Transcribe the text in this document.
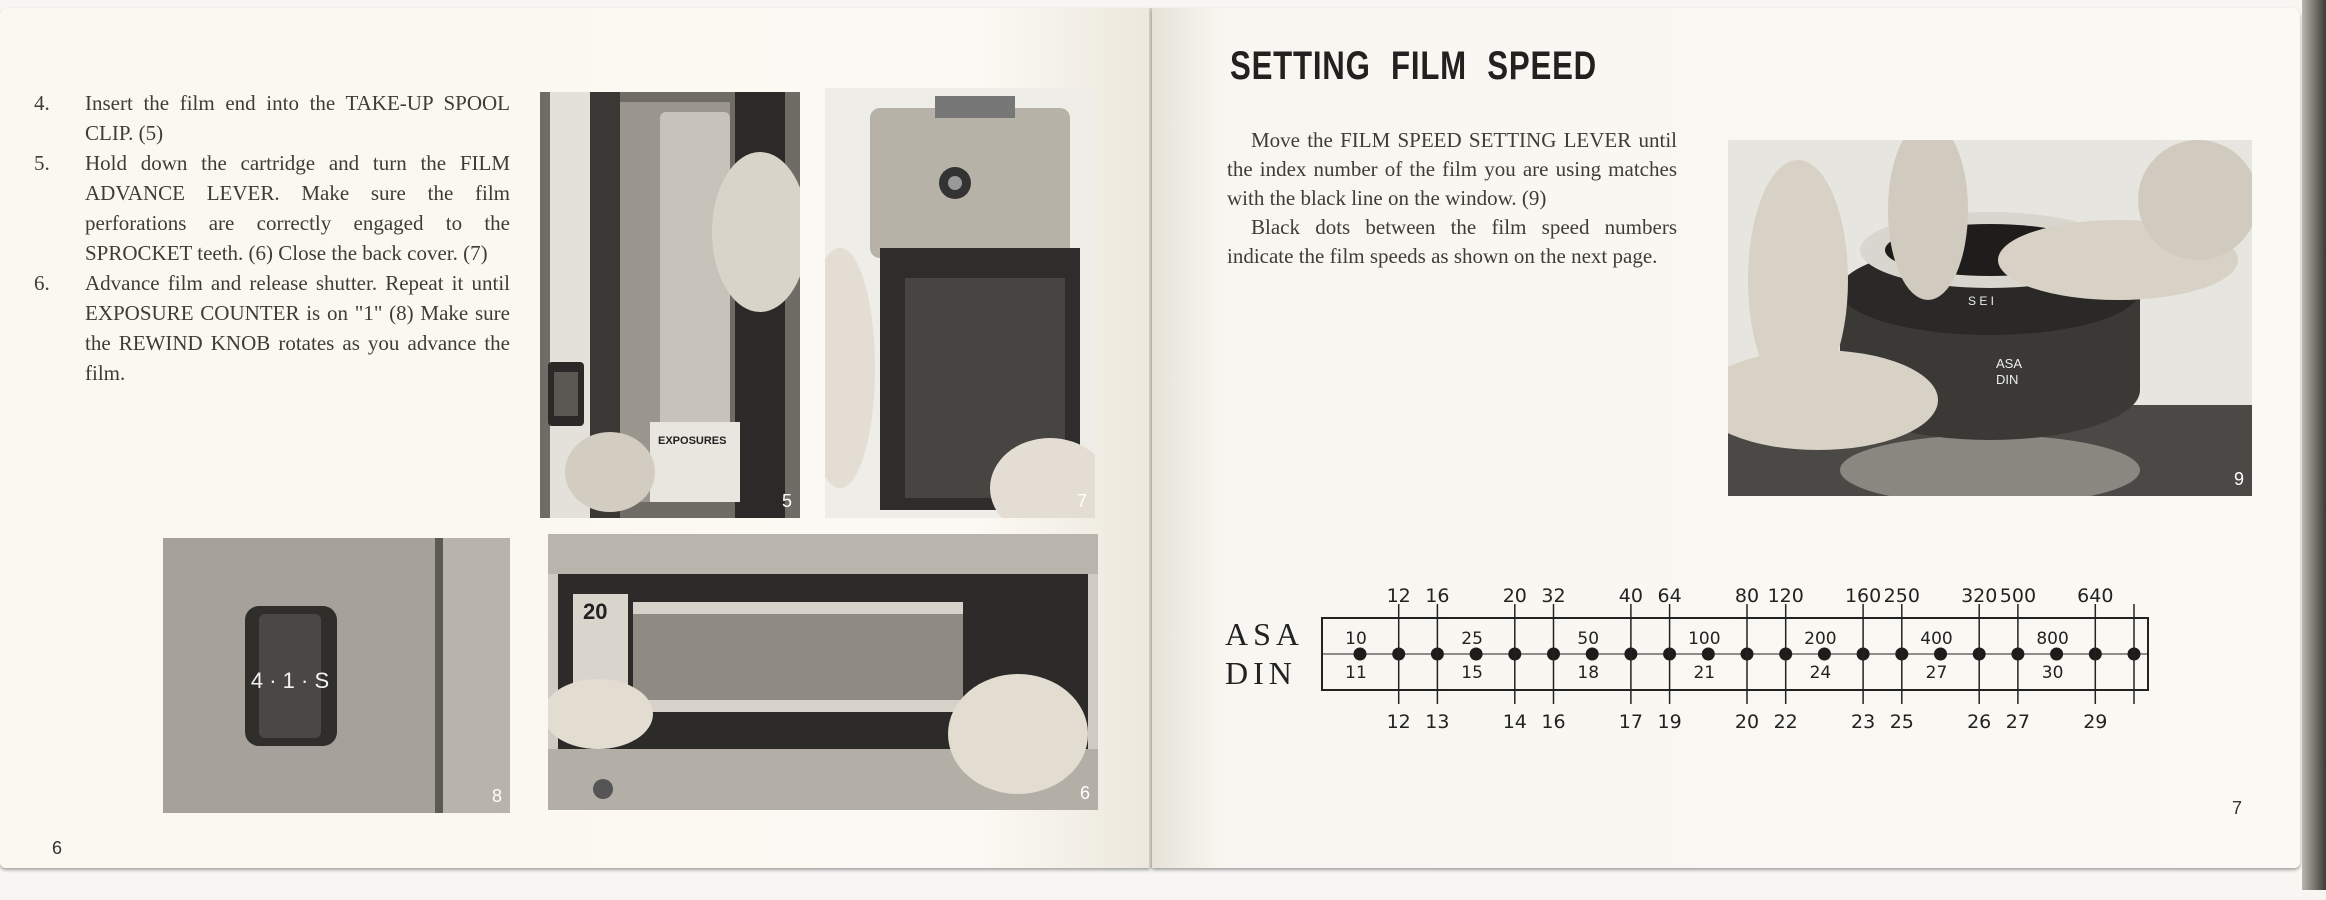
4. Insert the film end into the TAKE-UP SPOOL CLIP. (5)
5. Hold down the cartridge and turn the FILM ADVANCE LEVER. Make sure the film perforations are correctly engaged to the SPROCKET teeth. (6) Close the back cover. (7)
6. Advance film and release shutter. Repeat it until EXPOSURE COUNTER is on "1" (8) Make sure the REWIND KNOB rotates as you advance the film.
EXPOSURES
5	7
4 · 1 · S
8
20
6
6
SETTING FILM SPEED

Move the FILM SPEED SETTING LEVER until the index number of the film you are using matches with the black line on the window. (9)

Black dots between the film speed numbers indicate the film speeds as shown on the next page.

S E I
ASA
DIN
9
ASA
DIN
10
11
12
12
16
13
25
15
20
14
32
16
50
18
40
17
64
19
100
21
80
20
120
22
200
24
160
23
250
25
400
27
320
26
500
27
800
30
640
29
7
